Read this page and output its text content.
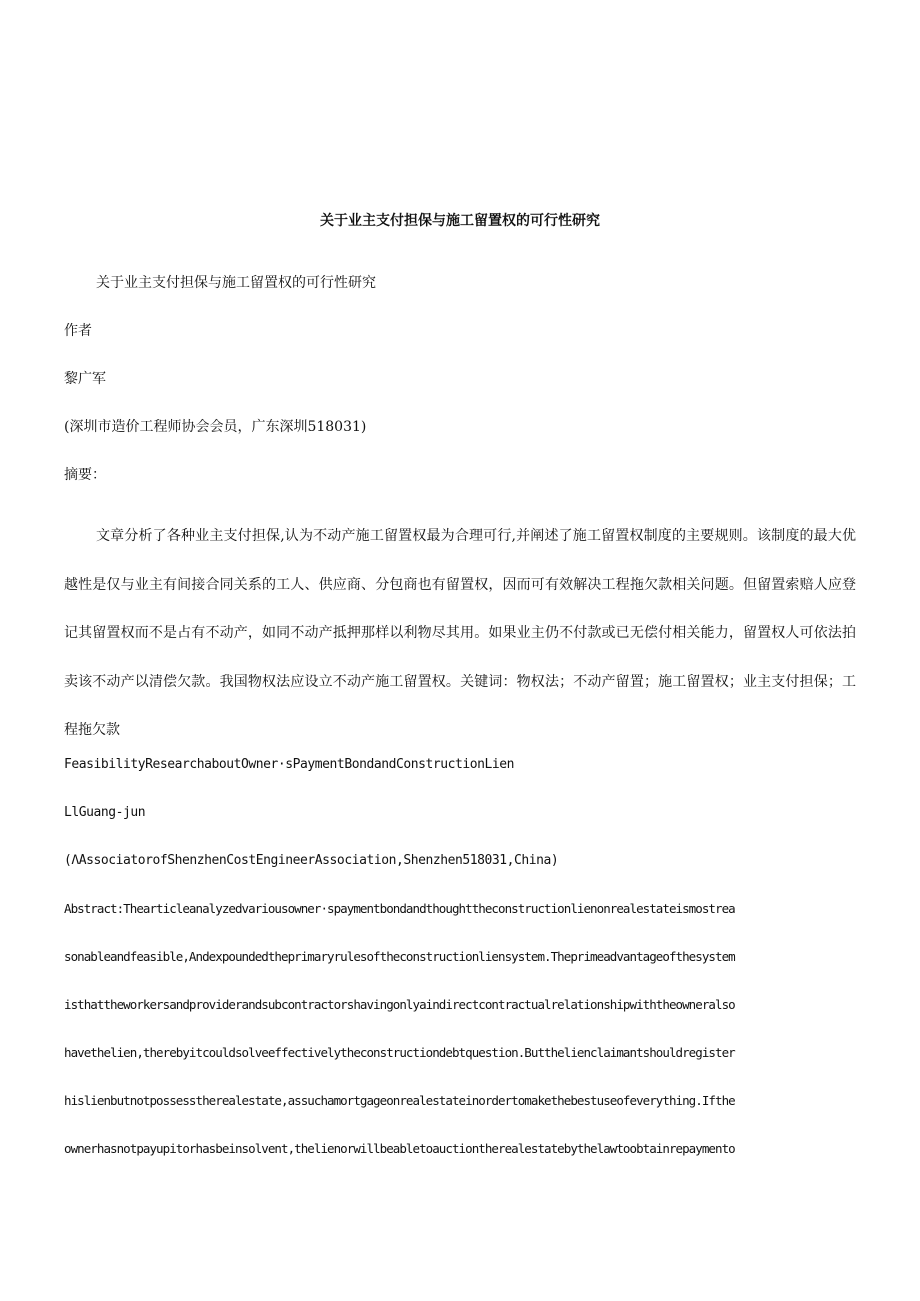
关于业主支付担保与施工留置权的可行性研究

关于业主支付担保与施工留置权的可行性研究

作者

黎广军

(深圳市造价工程师协会会员，广东深圳518031)

摘要：

文章分析了各种业主支付担保,认为不动产施工留置权最为合理可行,并阐述了施工留置权制度的主要规则。该制度的最大优越性是仅与业主有间接合同关系的工人、供应商、分包商也有留置权，因而可有效解决工程拖欠款相关问题。但留置索赔人应登记其留置权而不是占有不动产，如同不动产抵押那样以利物尽其用。如果业主仍不付款或已无偿付相关能力，留置权人可依法拍卖该不动产以清偿欠款。我国物权法应设立不动产施工留置权。关键词：物权法；不动产留置；施工留置权；业主支付担保；工程拖欠款

FeasibilityResearchaboutOwner·sPaymentBondandConstructionLien

LlGuang-jun

(ΛAssociatorofShenzhenCostEngineerAssociation,Shenzhen518031,China)

Abstract:Thearticleanalyzedvariousowner·spaymentbondandthoughttheconstructionlienonrealestateismostrea

sonableandfeasible,Andexpoundedtheprimaryrulesoftheconstructionliensystem.Theprimeadvantageofthesystem

isthattheworkersandproviderandsubcontractorshavingonlyaindirectcontractualrelationshipwiththeowneralso

havethelien,therebyitcouldsolveeffectivelytheconstructiondebtquestion.Butthelienclaimantshouldregister

hislienbutnotpossesstherealestate,assuchamortgageonrealestateinordertomakethebestuseofeverything.Ifthe

ownerhasnotpayupitorhasbeinsolvent,thelienorwillbeabletoauctiontherealestatebythelawtoobtainrepaymento
